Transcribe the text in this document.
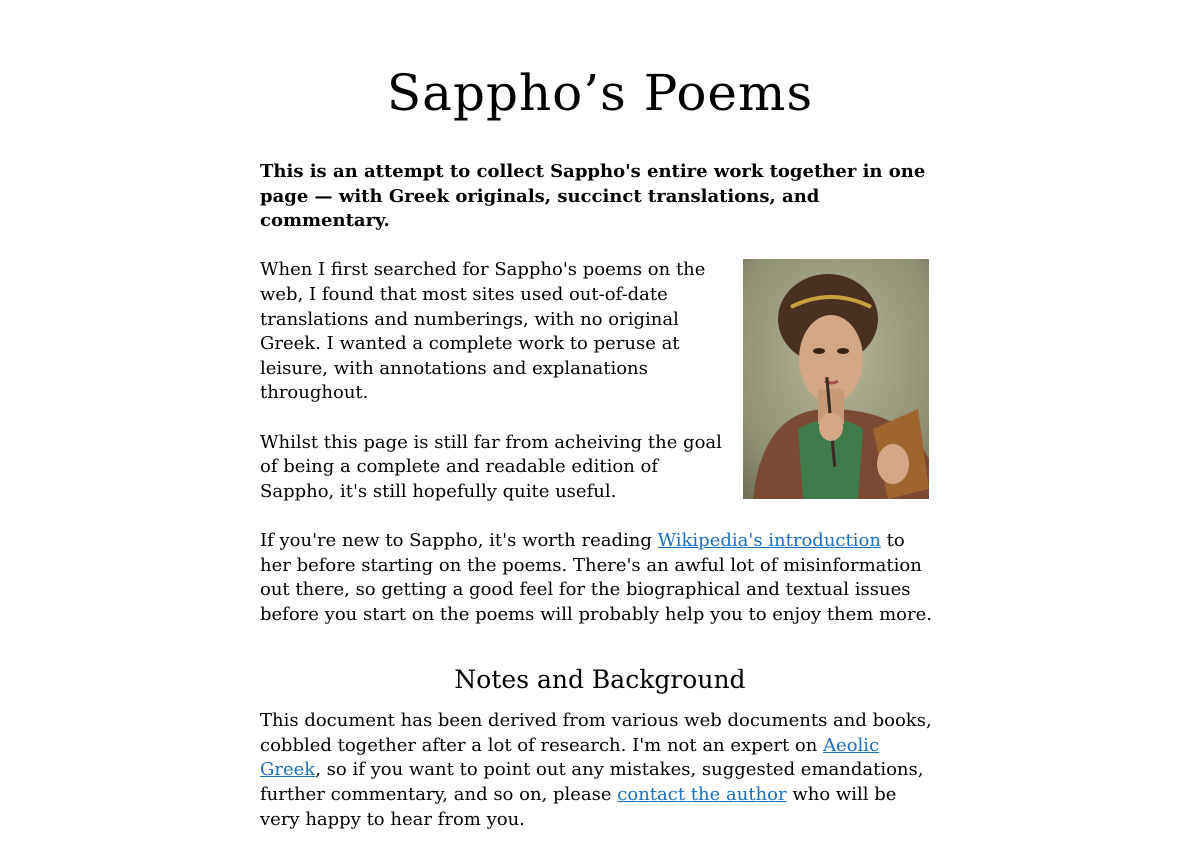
Sappho’s Poems

This is an attempt to collect Sappho's entire work together in one page — with Greek originals, succinct translations, and commentary.

When I first searched for Sappho's poems on the web, I found that most sites used out-of-date translations and numberings, with no original Greek. I wanted a complete work to peruse at leisure, with annotations and explanations throughout.

Whilst this page is still far from acheiving the goal of being a complete and readable edition of Sappho, it's still hopefully quite useful.

If you're new to Sappho, it's worth reading Wikipedia's introduction to her before starting on the poems. There's an awful lot of misinformation out there, so getting a good feel for the biographical and textual issues before you start on the poems will probably help you to enjoy them more.

Notes and Background

This document has been derived from various web documents and books, cobbled together after a lot of research. I'm not an expert on Aeolic Greek, so if you want to point out any mistakes, suggested emandations, further commentary, and so on, please contact the author who will be very happy to hear from you.
